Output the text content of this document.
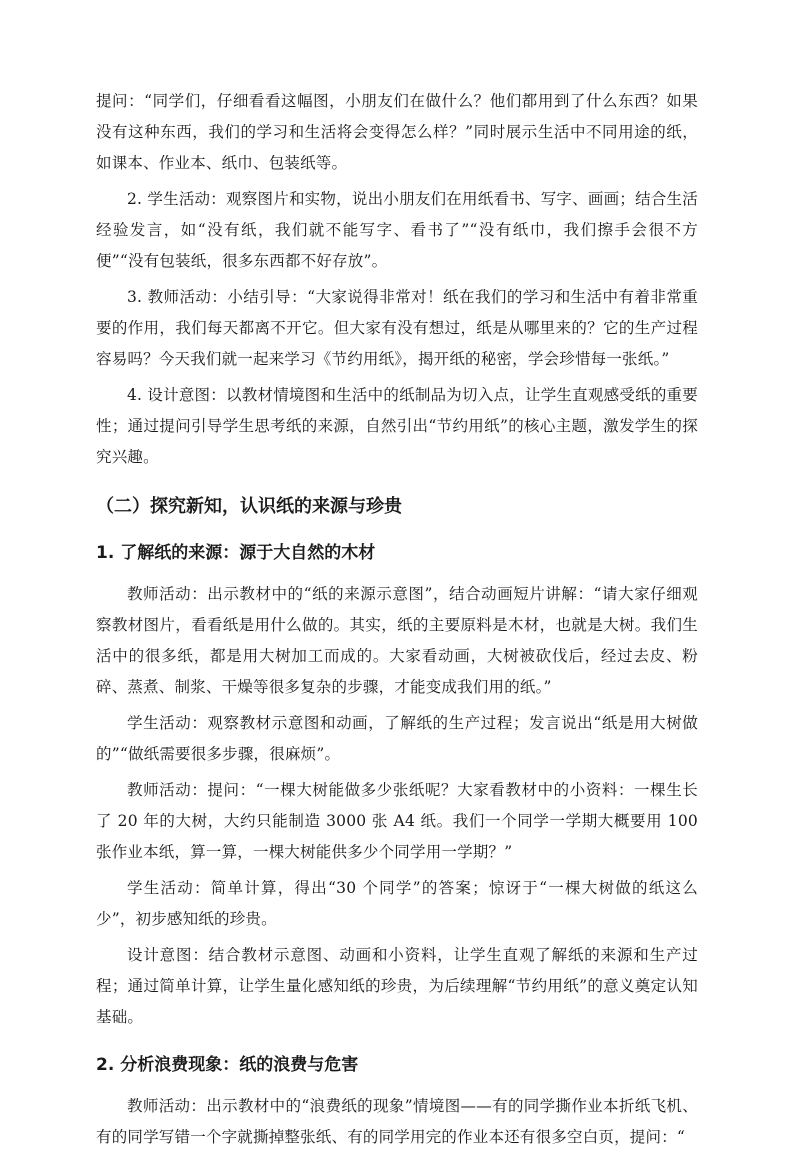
提问：“同学们，仔细看看这幅图，小朋友们在做什么？他们都用到了什么东西？如果没有这种东西，我们的学习和生活将会变得怎么样？”同时展示生活中不同用途的纸，如课本、作业本、纸巾、包装纸等。

2. 学生活动：观察图片和实物，说出小朋友们在用纸看书、写字、画画；结合生活经验发言，如“没有纸，我们就不能写字、看书了”“没有纸巾，我们擦手会很不方便”“没有包装纸，很多东西都不好存放”。

3. 教师活动：小结引导：“大家说得非常对！纸在我们的学习和生活中有着非常重要的作用，我们每天都离不开它。但大家有没有想过，纸是从哪里来的？它的生产过程容易吗？今天我们就一起来学习《节约用纸》，揭开纸的秘密，学会珍惜每一张纸。”

4. 设计意图：以教材情境图和生活中的纸制品为切入点，让学生直观感受纸的重要性；通过提问引导学生思考纸的来源，自然引出“节约用纸”的核心主题，激发学生的探究兴趣。

（二）探究新知，认识纸的来源与珍贵
1. 了解纸的来源：源于大自然的木材

教师活动：出示教材中的“纸的来源示意图”，结合动画短片讲解：“请大家仔细观察教材图片，看看纸是用什么做的。其实，纸的主要原料是木材，也就是大树。我们生活中的很多纸，都是用大树加工而成的。大家看动画，大树被砍伐后，经过去皮、粉碎、蒸煮、制浆、干燥等很多复杂的步骤，才能变成我们用的纸。”

学生活动：观察教材示意图和动画，了解纸的生产过程；发言说出“纸是用大树做的”“做纸需要很多步骤，很麻烦”。

教师活动：提问：“一棵大树能做多少张纸呢？大家看教材中的小资料：一棵生长了 20 年的大树，大约只能制造 3000 张 A4 纸。我们一个同学一学期大概要用 100 张作业本纸，算一算，一棵大树能供多少个同学用一学期？”

学生活动：简单计算，得出“30 个同学”的答案；惊讶于“一棵大树做的纸这么少”，初步感知纸的珍贵。

设计意图：结合教材示意图、动画和小资料，让学生直观了解纸的来源和生产过程；通过简单计算，让学生量化感知纸的珍贵，为后续理解“节约用纸”的意义奠定认知基础。

2. 分析浪费现象：纸的浪费与危害

教师活动：出示教材中的“浪费纸的现象”情境图——有的同学撕作业本折纸飞机、有的同学写错一个字就撕掉整张纸、有的同学用完的作业本还有很多空白页，提问：“
